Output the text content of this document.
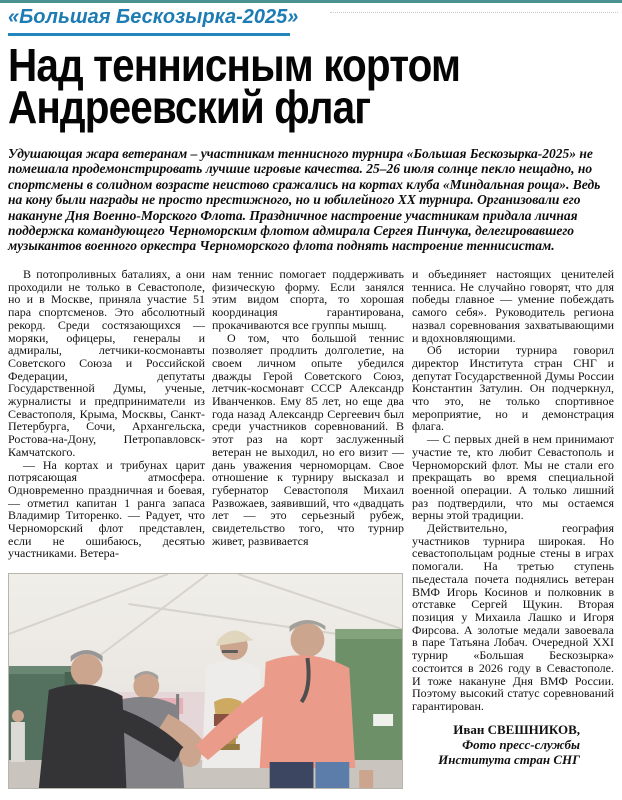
«Большая Бескозырка-2025»
Над теннисным кортом
Андреевский флаг
Удушающая жара ветеранам – участникам теннисного турнира «Большая Бескозырка-2025» не помешала продемонстрировать лучшие игровые качества. 25–26 июля солнце пекло нещадно, но спортсмены в солидном возрасте неистово сражались на кортах клуба «Миндальная роща». Ведь на кону были награды не просто престижного, но и юбилейного XX турнира. Организовали его накануне Дня Военно-Морского Флота. Праздничное настроение участникам придала личная поддержка командующего Черноморским флотом адмирала Сергея Пинчука, делегировавшего музыкантов военного оркестра Черноморского флота поднять настроение теннисистам.

В потопроливных баталиях, а они проходили не только в Севастополе, но и в Москве, приняла участие 51 пара спортсменов. Это абсолютный рекорд. Среди состязающихся — моряки, офицеры, генералы и адмиралы, летчики-космонавты Советского Союза и Российской Федерации, депутаты Государственной Думы, ученые, журналисты и предприниматели из Севастополя, Крыма, Москвы, Санкт-Петербурга, Сочи, Архангельска, Ростова-на-Дону, Петропавловск-Камчатского.

— На кортах и трибунах царит потрясающая атмосфера. Одновременно праздничная и боевая, — отметил капитан 1 ранга запаса Владимир Титоренко. — Радует, что Черноморский флот представлен, если не ошибаюсь, десятью участниками. Ветера-

нам теннис помогает поддерживать физическую форму. Если занялся этим видом спорта, то хорошая координация гарантирована, прокачиваются все группы мышц.

О том, что большой теннис позволяет продлить долголетие, на своем личном опыте убедился дважды Герой Советского Союз, летчик-космонавт СССР Александр Иванченков. Ему 85 лет, но еще два года назад Александр Сергеевич был среди участников соревнований. В этот раз на корт заслуженный ветеран не выходил, но его визит — дань уважения черноморцам. Свое отношение к турниру высказал и губернатор Севастополя Михаил Развожаев, заявивший, что «двадцать лет — это серьезный рубеж, свидетельство того, что турнир живет, развивается

и объединяет настоящих ценителей тенниса. Не случайно говорят, что для победы главное — умение побеждать самого себя». Руководитель региона назвал соревнования захватывающими и вдохновляющими.

Об истории турнира говорил директор Института стран СНГ и депутат Государственной Думы России Константин Затулин. Он подчеркнул, что это, не только спортивное мероприятие, но и демонстрация флага.

— С первых дней в нем принимают участие те, кто любит Севастополь и Черноморский флот. Мы не стали его прекращать во время специальной военной операции. А только лишний раз подтвердили, что мы остаемся верны этой традиции.

Действительно, география участников турнира широкая. Но севастопольцам родные стены в играх помогали. На третью ступень пьедестала почета поднялись ветеран ВМФ Игорь Косинов и полковник в отставке Сергей Щукин. Вторая позиция у Михаила Лашко и Игоря Фирсова. А золотые медали завоевала в паре Татьяна Лобач. Очередной XXI турнир «Большая Бескозырка» состоится в 2026 году в Севастополе. И тоже накануне Дня ВМФ России. Поэтому высокий статус соревнований гарантирован.

Иван СВЕШНИКОВ,
Фото пресс-службы
Института стран СНГ
